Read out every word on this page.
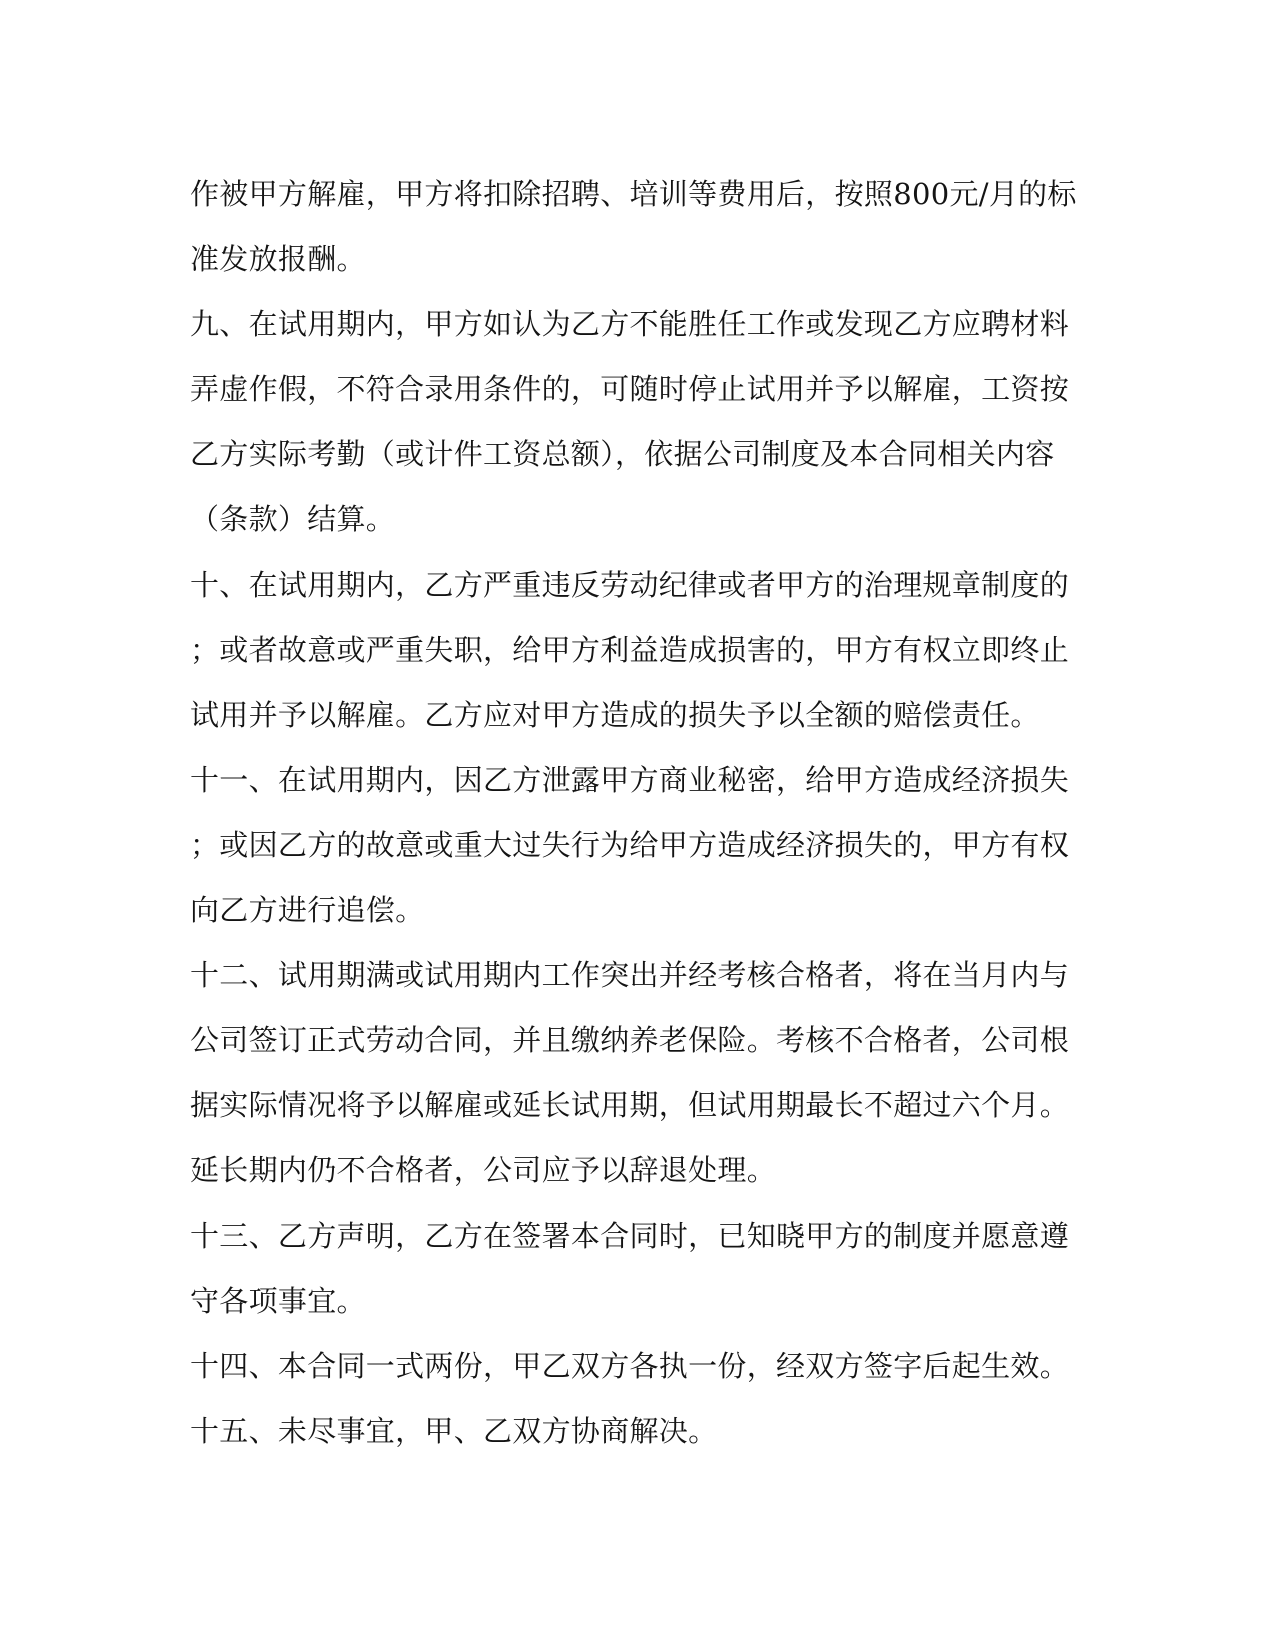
作被甲方解雇，甲方将扣除招聘、培训等费用后，按照800元/月的标
准发放报酬。
九、在试用期内，甲方如认为乙方不能胜任工作或发现乙方应聘材料
弄虚作假，不符合录用条件的，可随时停止试用并予以解雇，工资按
乙方实际考勤（或计件工资总额），依据公司制度及本合同相关内容
（条款）结算。
十、在试用期内，乙方严重违反劳动纪律或者甲方的治理规章制度的
；或者故意或严重失职，给甲方利益造成损害的，甲方有权立即终止
试用并予以解雇。乙方应对甲方造成的损失予以全额的赔偿责任。
十一、在试用期内，因乙方泄露甲方商业秘密，给甲方造成经济损失
；或因乙方的故意或重大过失行为给甲方造成经济损失的，甲方有权
向乙方进行追偿。
十二、试用期满或试用期内工作突出并经考核合格者，将在当月内与
公司签订正式劳动合同，并且缴纳养老保险。考核不合格者，公司根
据实际情况将予以解雇或延长试用期，但试用期最长不超过六个月。
延长期内仍不合格者，公司应予以辞退处理。
十三、乙方声明，乙方在签署本合同时，已知晓甲方的制度并愿意遵
守各项事宜。
十四、本合同一式两份，甲乙双方各执一份，经双方签字后起生效。
十五、未尽事宜，甲、乙双方协商解决。
